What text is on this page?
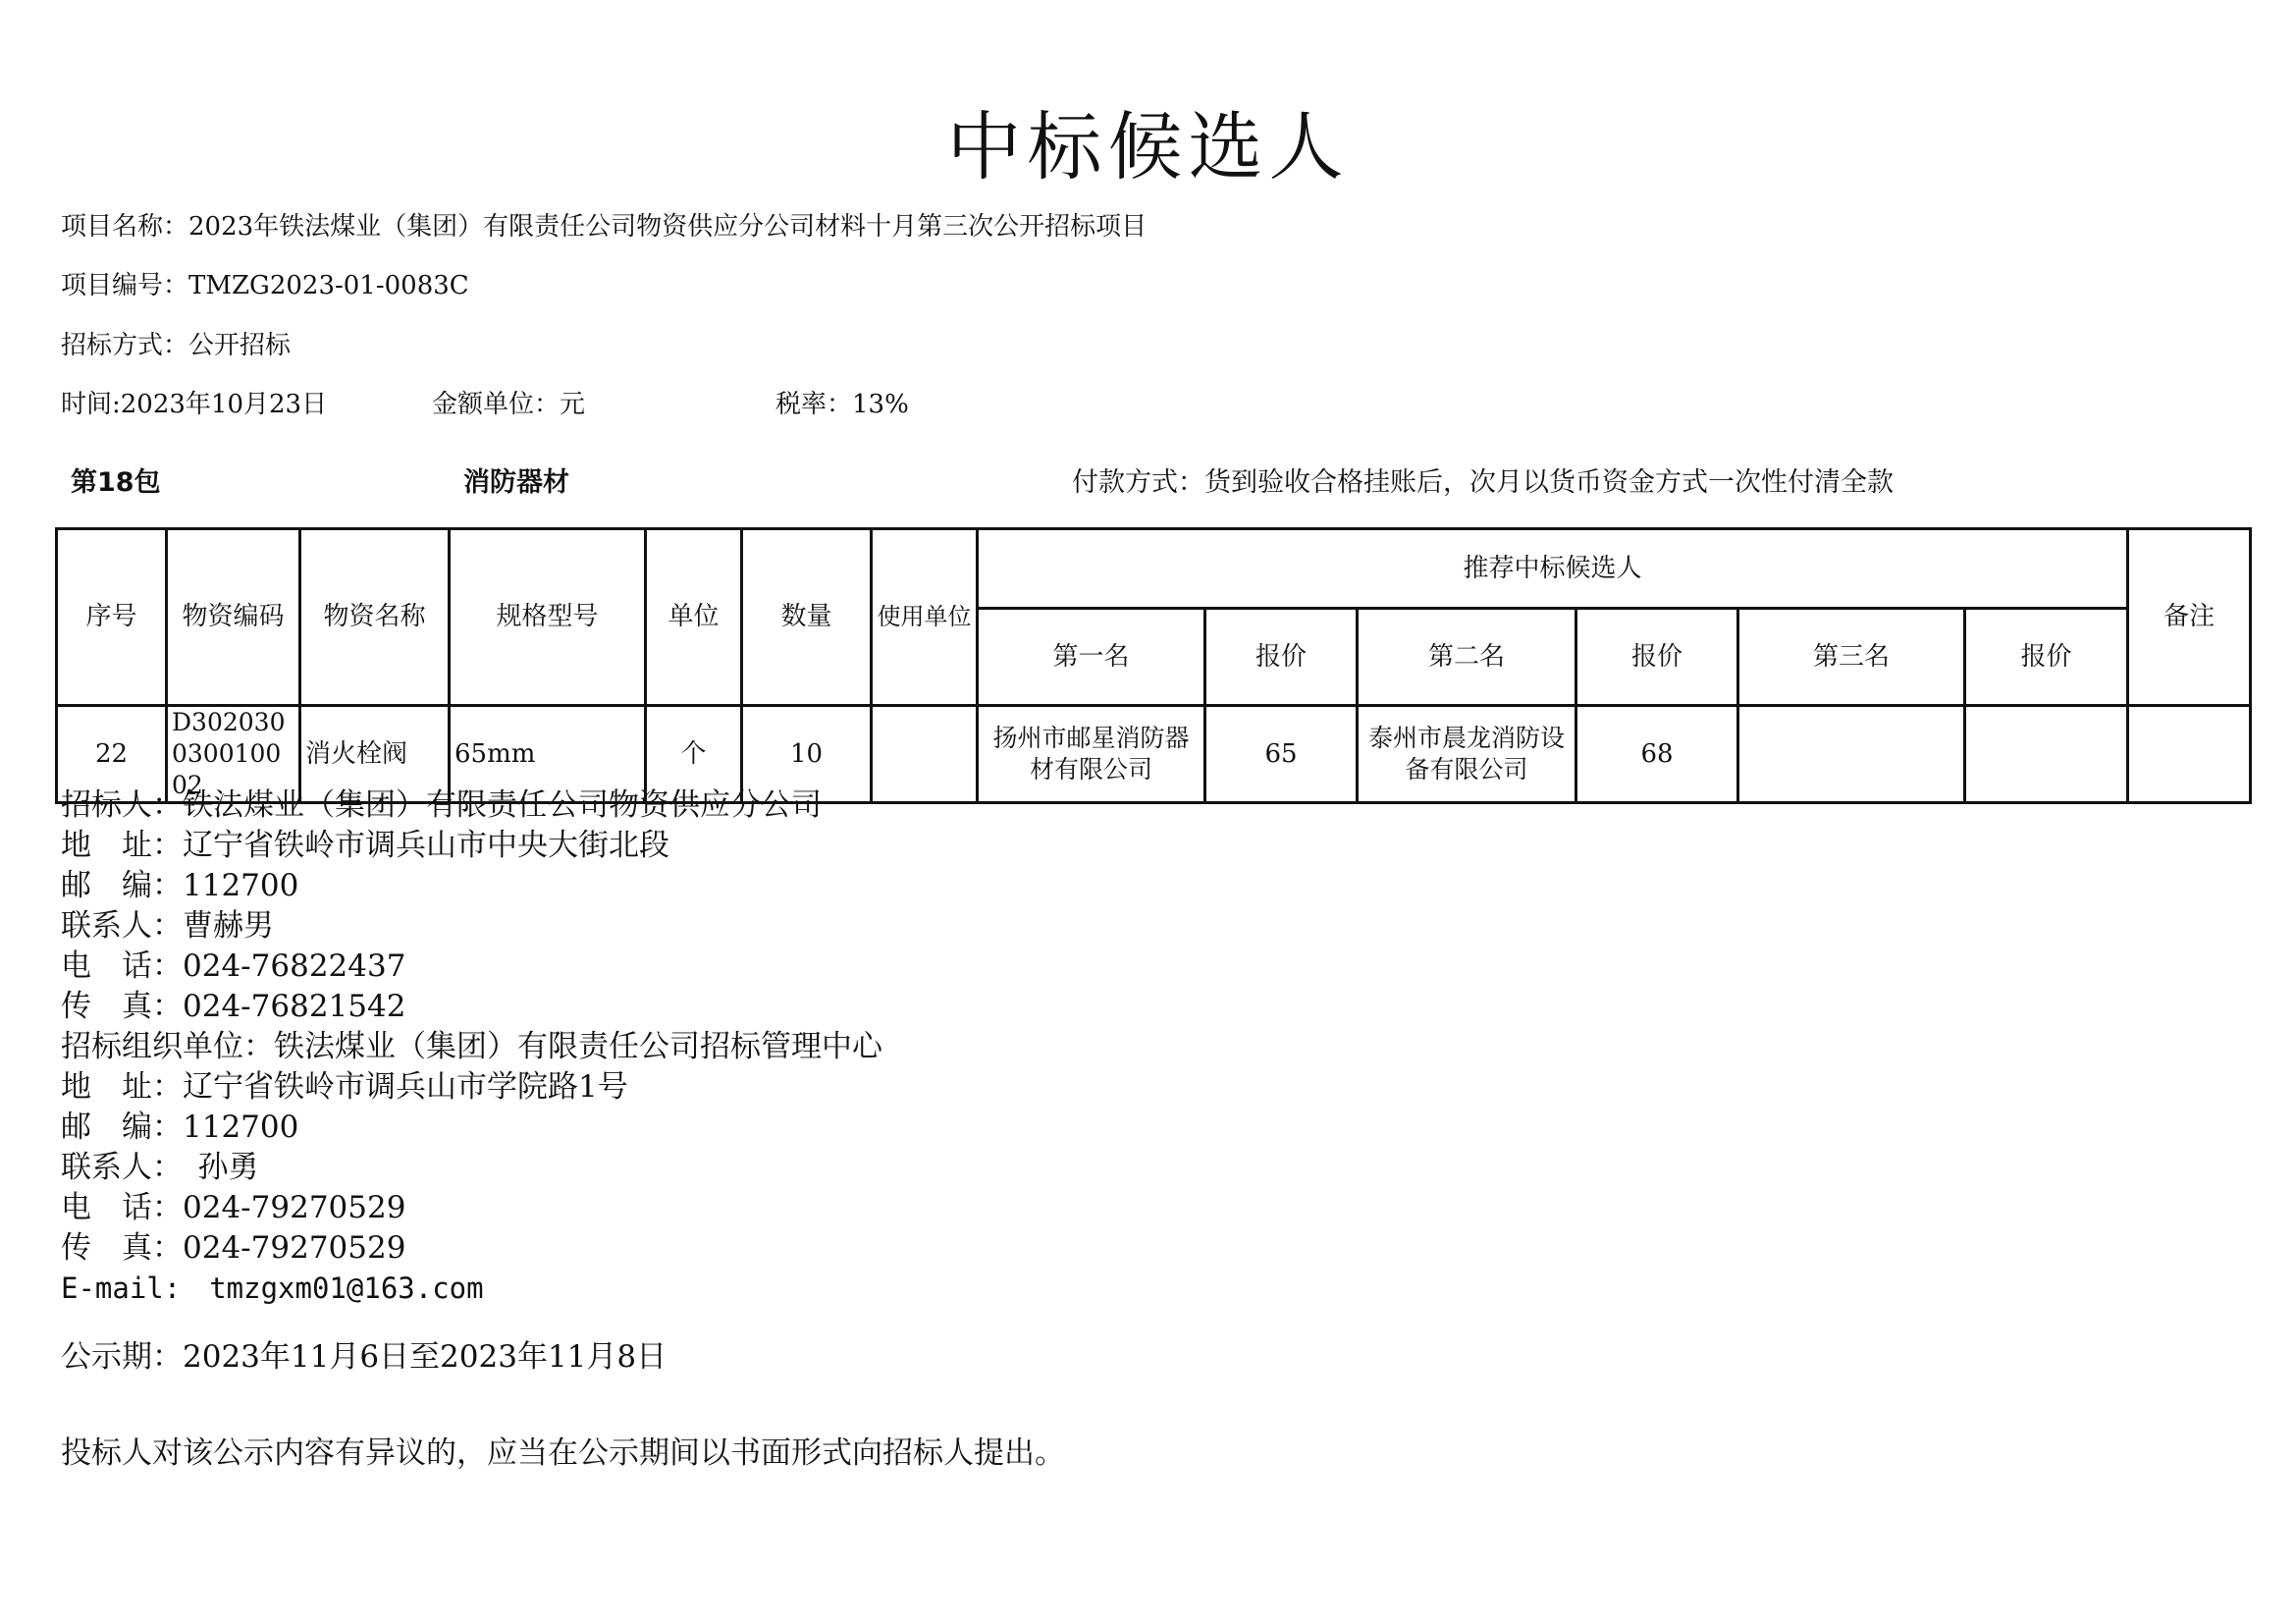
中标候选人
项目名称：2023年铁法煤业（集团）有限责任公司物资供应分公司材料十月第三次公开招标项目
项目编号：TMZG2023-01-0083C
招标方式：公开招标
时间:2023年10月23日	金额单位：元	税率：13%
第18包	消防器材	付款方式：货到验收合格挂账后，次月以货币资金方式一次性付清全款
序号	物资编码	物资名称	规格型号	单位	数量	使用单位	推荐中标候选人						备注
							第一名	报价	第二名	报价	第三名	报价	
22	D302030030010002	消火栓阀	65mm	个	10		扬州市邮星消防器材有限公司	65	泰州市晨龙消防设备有限公司	68			
招标人：铁法煤业（集团）有限责任公司物资供应分公司
地　址：辽宁省铁岭市调兵山市中央大街北段
邮　编：112700
联系人：曹赫男
电　话：024-76822437
传　真：024-76821542
招标组织单位：铁法煤业（集团）有限责任公司招标管理中心
地　址：辽宁省铁岭市调兵山市学院路1号
邮　编：112700
联系人：　孙勇
电　话：024-79270529
传　真：024-79270529
E-mail:　tmzgxm01@163.com
公示期：2023年11月6日至2023年11月8日
投标人对该公示内容有异议的，应当在公示期间以书面形式向招标人提出。
